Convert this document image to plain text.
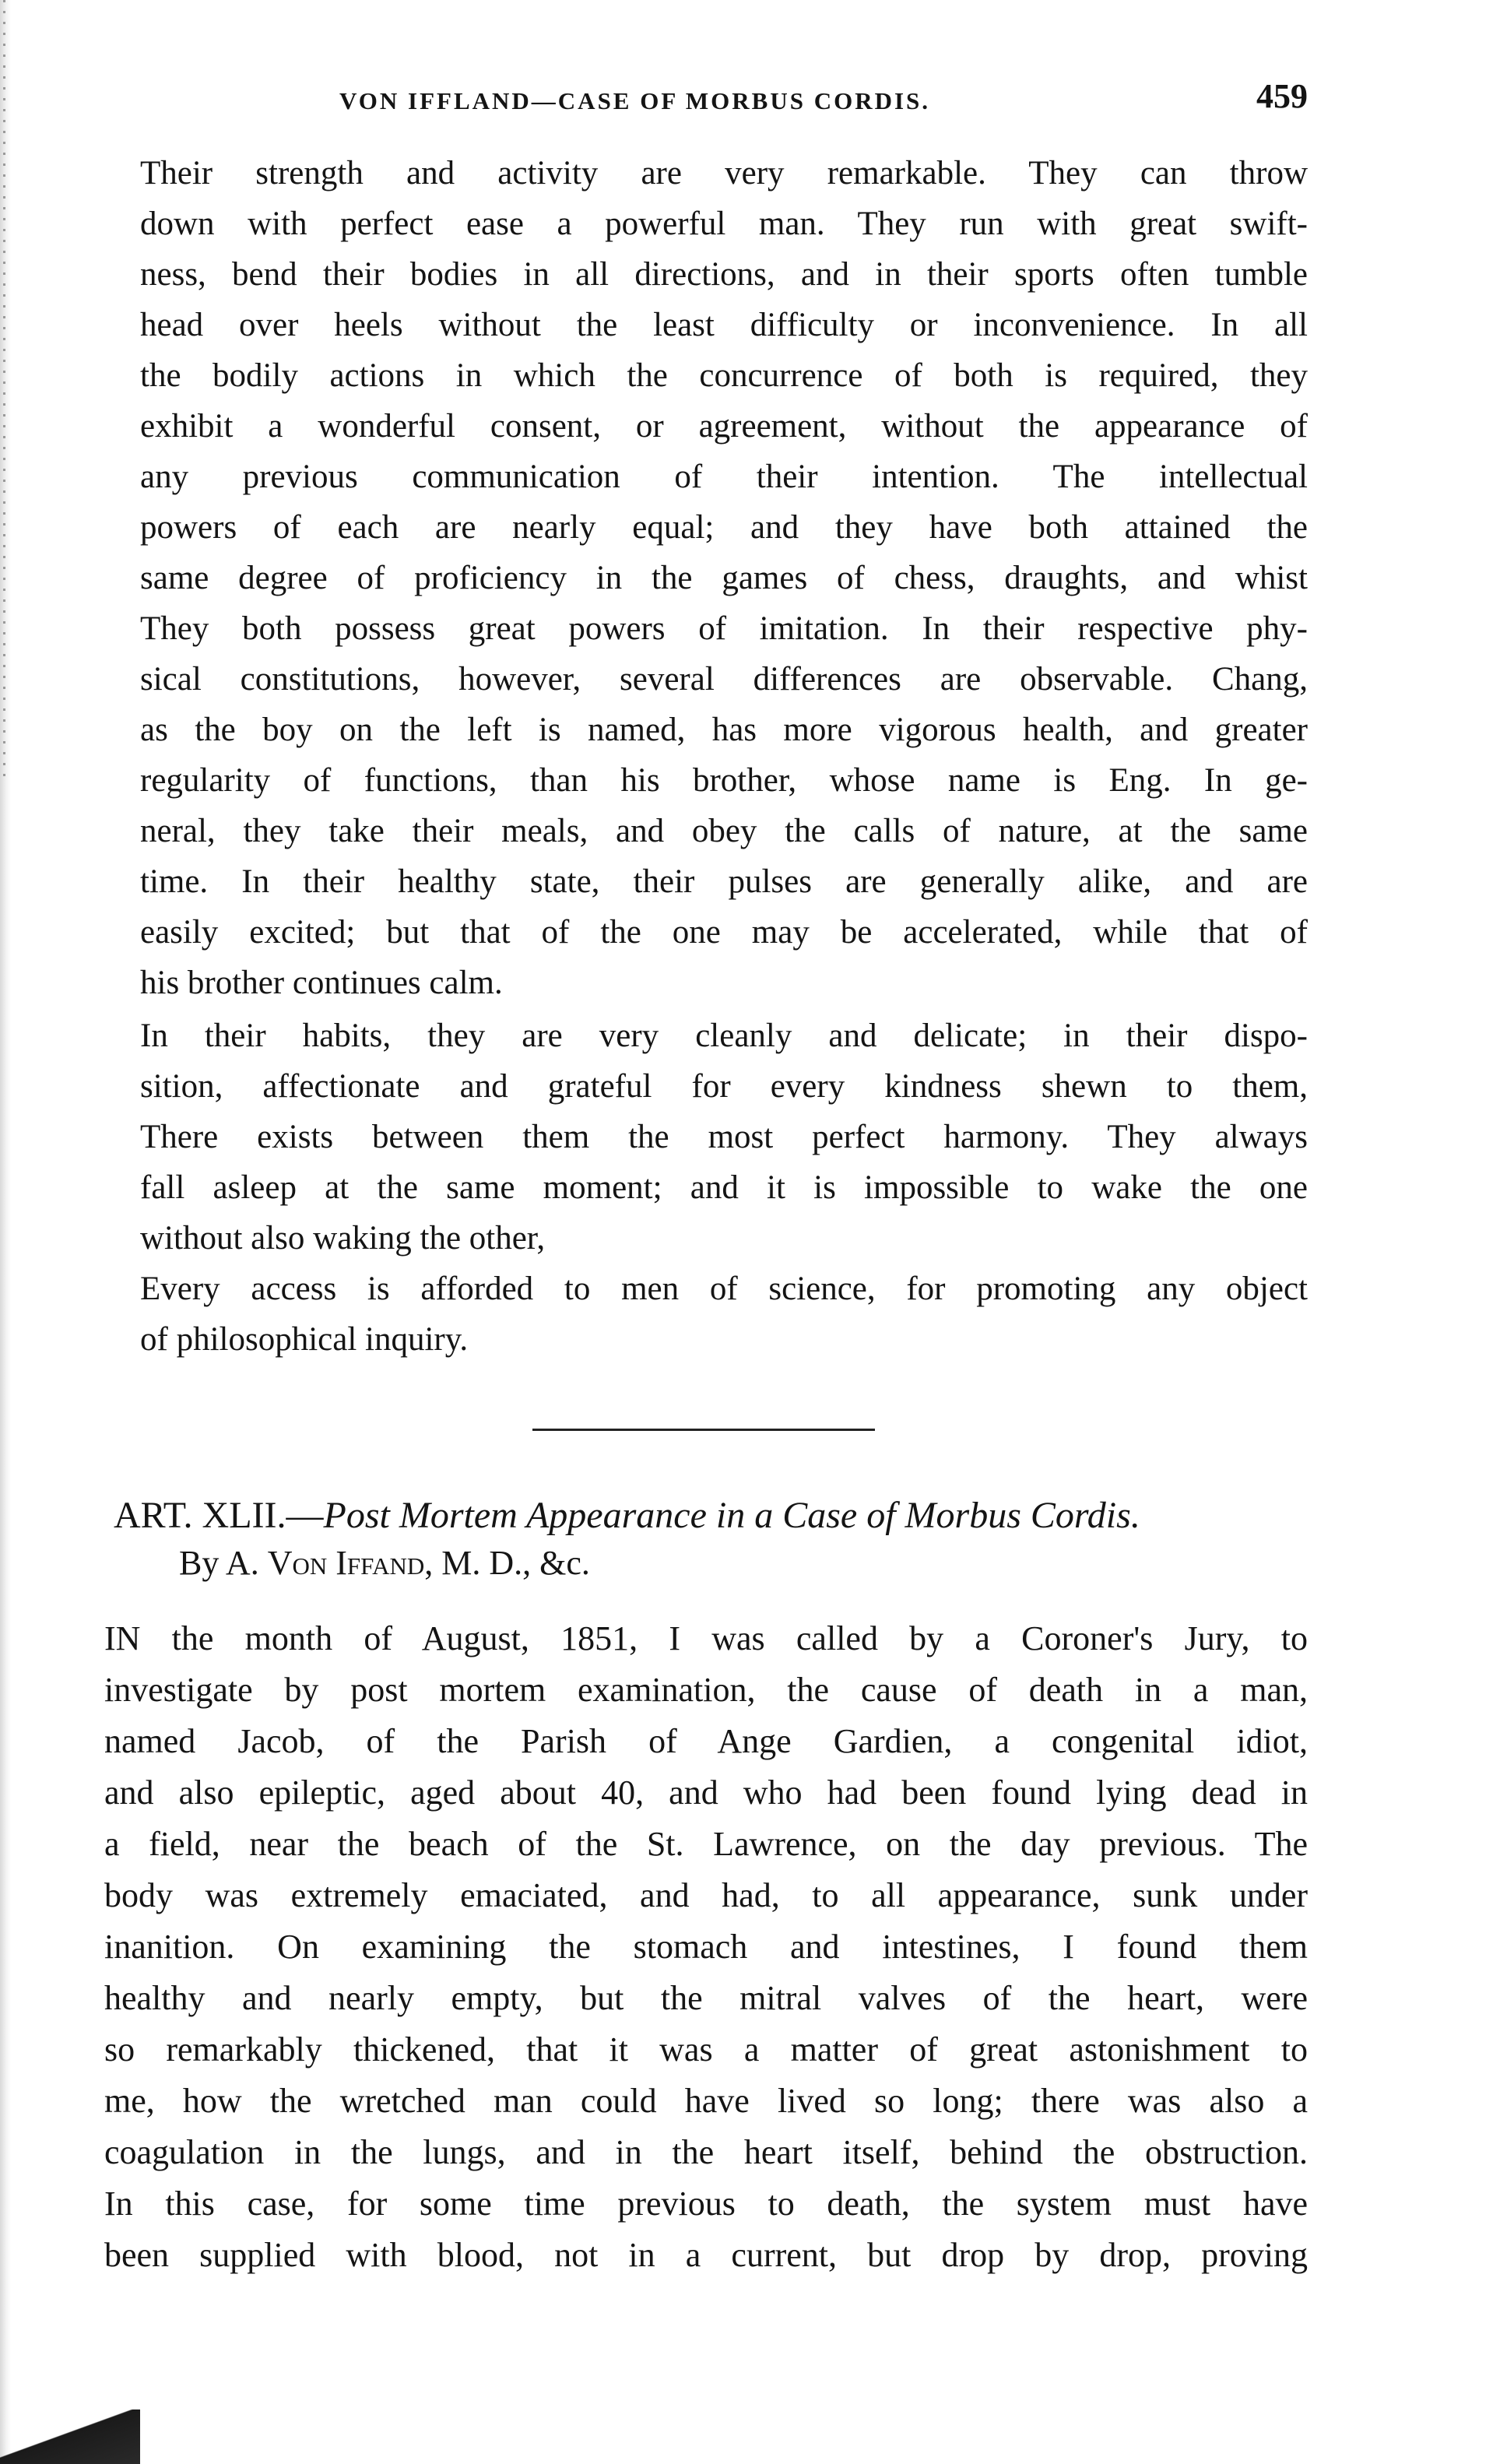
VON IFFLAND—CASE OF MORBUS CORDIS.	459
Their strength and activity are very remarkable. They can throw
down with perfect ease a powerful man. They run with great swift-
ness, bend their bodies in all directions, and in their sports often tumble
head over heels without the least difficulty or inconvenience. In all
the bodily actions in which the concurrence of both is required, they
exhibit a wonderful consent, or agreement, without the appearance of
any previous communication of their intention. The intellectual
powers of each are nearly equal; and they have both attained the
same degree of proficiency in the games of chess, draughts, and whist
They both possess great powers of imitation. In their respective phy-
sical constitutions, however, several differences are observable. Chang,
as the boy on the left is named, has more vigorous health, and greater
regularity of functions, than his brother, whose name is Eng. In ge-
neral, they take their meals, and obey the calls of nature, at the same
time. In their healthy state, their pulses are generally alike, and are
easily excited; but that of the one may be accelerated, while that of
his brother continues calm.
In their habits, they are very cleanly and delicate; in their dispo-
sition, affectionate and grateful for every kindness shewn to them,
There exists between them the most perfect harmony. They always
fall asleep at the same moment; and it is impossible to wake the one
without also waking the other,
Every access is afforded to men of science, for promoting any object
of philosophical inquiry.
ART. XLII.—Post Mortem Appearance in a Case of Morbus Cordis.
By A. Von Iffand, M. D., &c.
IN the month of August, 1851, I was called by a Coroner's Jury, to
investigate by post mortem examination, the cause of death in a man,
named Jacob, of the Parish of Ange Gardien, a congenital idiot,
and also epileptic, aged about 40, and who had been found lying dead in
a field, near the beach of the St. Lawrence, on the day previous. The
body was extremely emaciated, and had, to all appearance, sunk under
inanition. On examining the stomach and intestines, I found them
healthy and nearly empty, but the mitral valves of the heart, were
so remarkably thickened, that it was a matter of great astonishment to
me, how the wretched man could have lived so long; there was also a
coagulation in the lungs, and in the heart itself, behind the obstruction.
In this case, for some time previous to death, the system must have
been supplied with blood, not in a current, but drop by drop, proving
